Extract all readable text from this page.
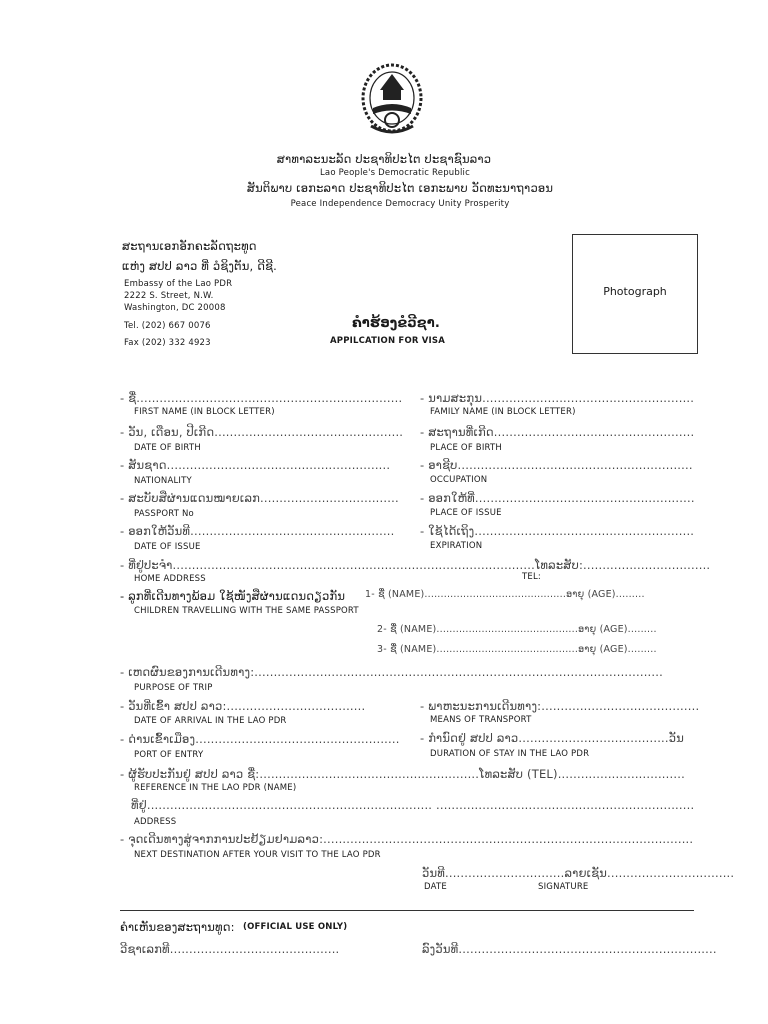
ສາທາລະນະລັດ ປະຊາທິປະໄຕ ປະຊາຊົນລາວ
Lao People's Democratic Republic
ສັນຕິພາບ ເອກະລາດ ປະຊາທິປະໄຕ ເອກະພາບ ວັດທະນາຖາວອນ
Peace Independence Democracy Unity Prosperity
ສະຖານເອກອັກຄະລັດຖະທູດ
ແຫ່ງ ສປປ ລາວ ທີ່ ວໍຊິງຕັນ, ດີຊີ.
Embassy of the Lao PDR
2222 S. Street, N.W.
Washington, DC 20008
Tel. (202) 667 0076
Fax (202) 332 4923
ຄຳຮ້ອງຂໍວີຊາ.
APPILCATION FOR VISA
Photograph
- ຊື່.....................................................................
FIRST NAME (IN BLOCK LETTER)
- ນາມສະກຸນ.......................................................
FAMILY NAME (IN BLOCK LETTER)
- ວັນ, ເດືອນ, ປີເກີດ.................................................
DATE OF BIRTH
- ສະຖານທີ່ເກີດ....................................................
PLACE OF BIRTH
- ສັນຊາດ..........................................................
NATIONALITY
- ອາຊີບ.............................................................
OCCUPATION
- ສະບັບສືຜ່ານແດນໝາຍເລກ....................................
PASSPORT No
- ອອກໃຫ້ທີ່.........................................................
PLACE OF ISSUE
- ອອກໃຫ້ວັນທີ.....................................................
DATE OF ISSUE
- ໃຊ້ໄດ້ເຖິງ.........................................................
EXPIRATION
- ທີ່ຢູ່ປະຈຳ..............................................................................................ໂທລະສັບ:.................................
HOME ADDRESS	TEL:
- ລູກທີ່ເດີນທາງພ້ອມ ໃຊ້ໜັງສືຜ່ານແດນດຽວກັນ
CHILDREN TRAVELLING WITH THE SAME PASSPORT
1- ຊື່ (NAME)............................................ອາຍຸ (AGE).........
2- ຊື່ (NAME)............................................ອາຍຸ (AGE).........
3- ຊື່ (NAME)............................................ອາຍຸ (AGE).........
- ເຫດຜົນຂອງການເດີນທາງ:..........................................................................................................
PURPOSE OF TRIP
- ວັນທີ່ເຂົ້າ ສປປ ລາວ:....................................
DATE OF ARRIVAL IN THE LAO PDR
- ພາຫະນະການເດີນທາງ:.........................................
MEANS OF TRANSPORT
- ດ່ານເຂົ້າເມືອງ.....................................................
PORT OF ENTRY
- ກຳນົດຢູ່ ສປປ ລາວ.......................................ວັນ
DURATION OF STAY IN THE LAO PDR
- ຜູ້ຮັບປະກັນຢູ່ ສປປ ລາວ ຊື່:.........................................................ໂທລະສັບ (TEL).................................
REFERENCE IN THE LAO PDR (NAME)
ທີ່ຢູ່.......................................................................... ...................................................................
ADDRESS
- ຈຸດເດີນທາງສູ່ຈາກການປະຢ້ຽມຢາມລາວ:................................................................................................
NEXT DESTINATION AFTER YOUR VISIT TO THE LAO PDR
ວັນທີ...............................ລາຍເຊັນ.................................
DATE	SIGNATURE
ຄຳເຫັນຂອງສະຖານທູດ: (OFFICIAL USE ONLY)
ວີຊາເລກທີ............................................	ລົງວັນທີ...................................................................
